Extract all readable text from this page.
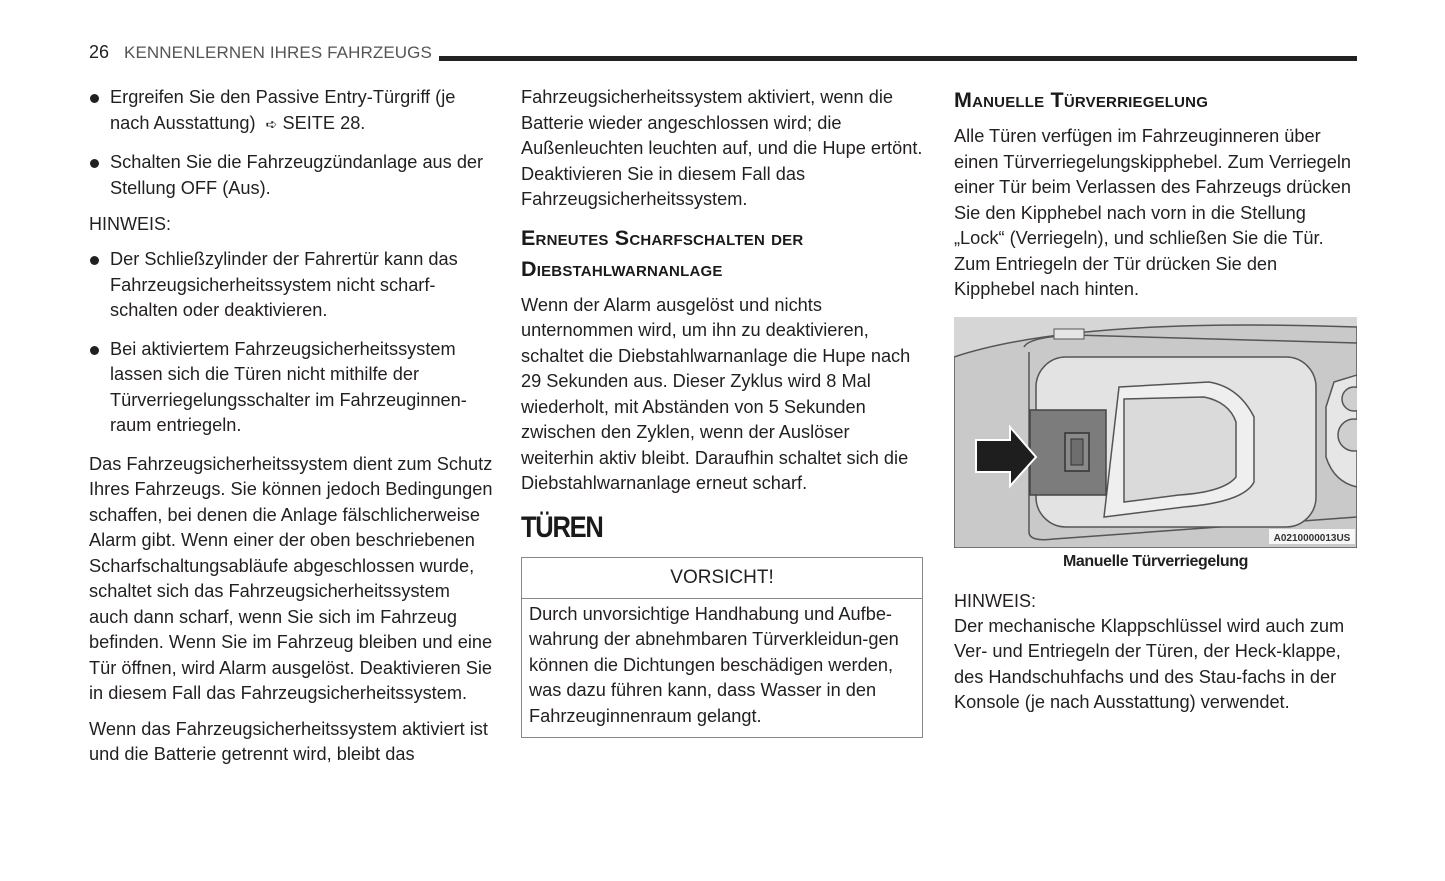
26 KENNENLERNEN IHRES FAHRZEUGS
Ergreifen Sie den Passive Entry-Türgriff (je nach Ausstattung) ➪ SEITE 28.
Schalten Sie die Fahrzeugzündanlage aus der Stellung OFF (Aus).
HINWEIS:
Der Schließzylinder der Fahrertür kann das Fahrzeugsicherheitssystem nicht scharf-schalten oder deaktivieren.
Bei aktiviertem Fahrzeugsicherheitssystem lassen sich die Türen nicht mithilfe der Türverriegelungsschalter im Fahrzeuginnen-raum entriegeln.

Das Fahrzeugsicherheitssystem dient zum Schutz Ihres Fahrzeugs. Sie können jedoch Bedingungen schaffen, bei denen die Anlage fälschlicherweise Alarm gibt. Wenn einer der oben beschriebenen Scharfschaltungsabläufe abgeschlossen wurde, schaltet sich das Fahrzeugsicherheitssystem auch dann scharf, wenn Sie sich im Fahrzeug befinden. Wenn Sie im Fahrzeug bleiben und eine Tür öffnen, wird Alarm ausgelöst. Deaktivieren Sie in diesem Fall das Fahrzeugsicherheitssystem.

Wenn das Fahrzeugsicherheitssystem aktiviert ist und die Batterie getrennt wird, bleibt das

Fahrzeugsicherheitssystem aktiviert, wenn die Batterie wieder angeschlossen wird; die Außenleuchten leuchten auf, und die Hupe ertönt. Deaktivieren Sie in diesem Fall das Fahrzeugsicherheitssystem.

Erneutes Scharfschalten der Diebstahlwarnanlage

Wenn der Alarm ausgelöst und nichts unternommen wird, um ihn zu deaktivieren, schaltet die Diebstahlwarnanlage die Hupe nach 29 Sekunden aus. Dieser Zyklus wird 8 Mal wiederholt, mit Abständen von 5 Sekunden zwischen den Zyklen, wenn der Auslöser weiterhin aktiv bleibt. Daraufhin schaltet sich die Diebstahlwarnanlage erneut scharf.

TÜREN
VORSICHT!

Durch unvorsichtige Handhabung und Aufbe-wahrung der abnehmbaren Türverkleidun-gen können die Dichtungen beschädigen werden, was dazu führen kann, dass Wasser in den Fahrzeuginnenraum gelangt.

Manuelle Türverriegelung

Alle Türen verfügen im Fahrzeuginneren über einen Türverriegelungskipphebel. Zum Verriegeln einer Tür beim Verlassen des Fahrzeugs drücken Sie den Kipphebel nach vorn in die Stellung „Lock“ (Verriegeln), und schließen Sie die Tür. Zum Entriegeln der Tür drücken Sie den Kipphebel nach hinten.

A0210000013US
Manuelle Türverriegelung
HINWEIS:

Der mechanische Klappschlüssel wird auch zum Ver- und Entriegeln der Türen, der Heck-klappe, des Handschuhfachs und des Stau-fachs in der Konsole (je nach Ausstattung) verwendet.
